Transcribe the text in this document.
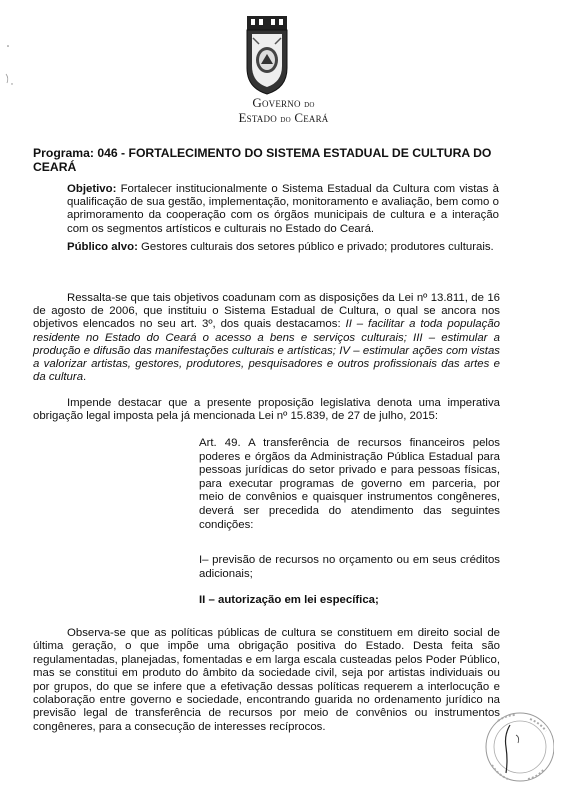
Governo do
Estado do Ceará
Programa: 046 - FORTALECIMENTO DO SISTEMA ESTADUAL DE CULTURA DO CEARÁ
Objetivo: Fortalecer institucionalmente o Sistema Estadual da Cultura com vistas à qualificação de sua gestão, implementação, monitoramento e avaliação, bem como o aprimoramento da cooperação com os órgãos municipais de cultura e a interação com os segmentos artísticos e culturais no Estado do Ceará.
Público alvo: Gestores culturais dos setores público e privado; produtores culturais.
Ressalta-se que tais objetivos coadunam com as disposições da Lei nº 13.811, de 16 de agosto de 2006, que instituiu o Sistema Estadual de Cultura, o qual se ancora nos objetivos elencados no seu art. 3º, dos quais destacamos: II – facilitar a toda população residente no Estado do Ceará o acesso a bens e serviços culturais; III – estimular a produção e difusão das manifestações culturais e artísticas; IV – estimular ações com vistas a valorizar artistas, gestores, produtores, pesquisadores e outros profissionais das artes e da cultura.
Impende destacar que a presente proposição legislativa denota uma imperativa obrigação legal imposta pela já mencionada Lei nº 15.839, de 27 de julho, 2015:
Art. 49. A transferência de recursos financeiros pelos poderes e órgãos da Administração Pública Estadual para pessoas jurídicas do setor privado e para pessoas físicas, para executar programas de governo em parceria, por meio de convênios e quaisquer instrumentos congêneres, deverá ser precedida do atendimento das seguintes condições:
I– previsão de recursos no orçamento ou em seus créditos adicionais;
II – autorização em lei específica;
Observa-se que as políticas públicas de cultura se constituem em direito social de última geração, o que impõe uma obrigação positiva do Estado. Desta feita são regulamentadas, planejadas, fomentadas e em larga escala custeadas pelos Poder Público, mas se constitui em produto do âmbito da sociedade civil, seja por artistas individuais ou por grupos, do que se infere que a efetivação dessas políticas requerem a interlocução e colaboração entre governo e sociedade, encontrando guarida no ordenamento jurídico na previsão legal de transferência de recursos por meio de convênios ou instrumentos congêneres, para a consecução de interesses recíprocos.
